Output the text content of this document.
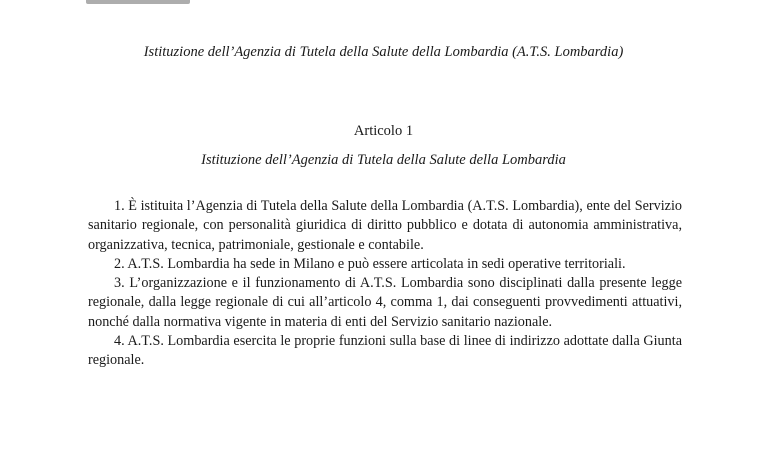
Istituzione dell’Agenzia di Tutela della Salute della Lombardia (A.T.S. Lombardia)
Articolo 1
Istituzione dell’Agenzia di Tutela della Salute della Lombardia

1. È istituita l’Agenzia di Tutela della Salute della Lombardia (A.T.S. Lombardia), ente del Servizio sanitario regionale, con personalità giuridica di diritto pubblico e dotata di autonomia amministrativa, organizzativa, tecnica, patrimoniale, gestionale e contabile.

2. A.T.S. Lombardia ha sede in Milano e può essere articolata in sedi operative territoriali.

3. L’organizzazione e il funzionamento di A.T.S. Lombardia sono disciplinati dalla presente legge regionale, dalla legge regionale di cui all’articolo 4, comma 1, dai conseguenti provvedimenti attuativi, nonché dalla normativa vigente in materia di enti del Servizio sanitario nazionale.

4. A.T.S. Lombardia esercita le proprie funzioni sulla base di linee di indirizzo adottate dalla Giunta regionale.
